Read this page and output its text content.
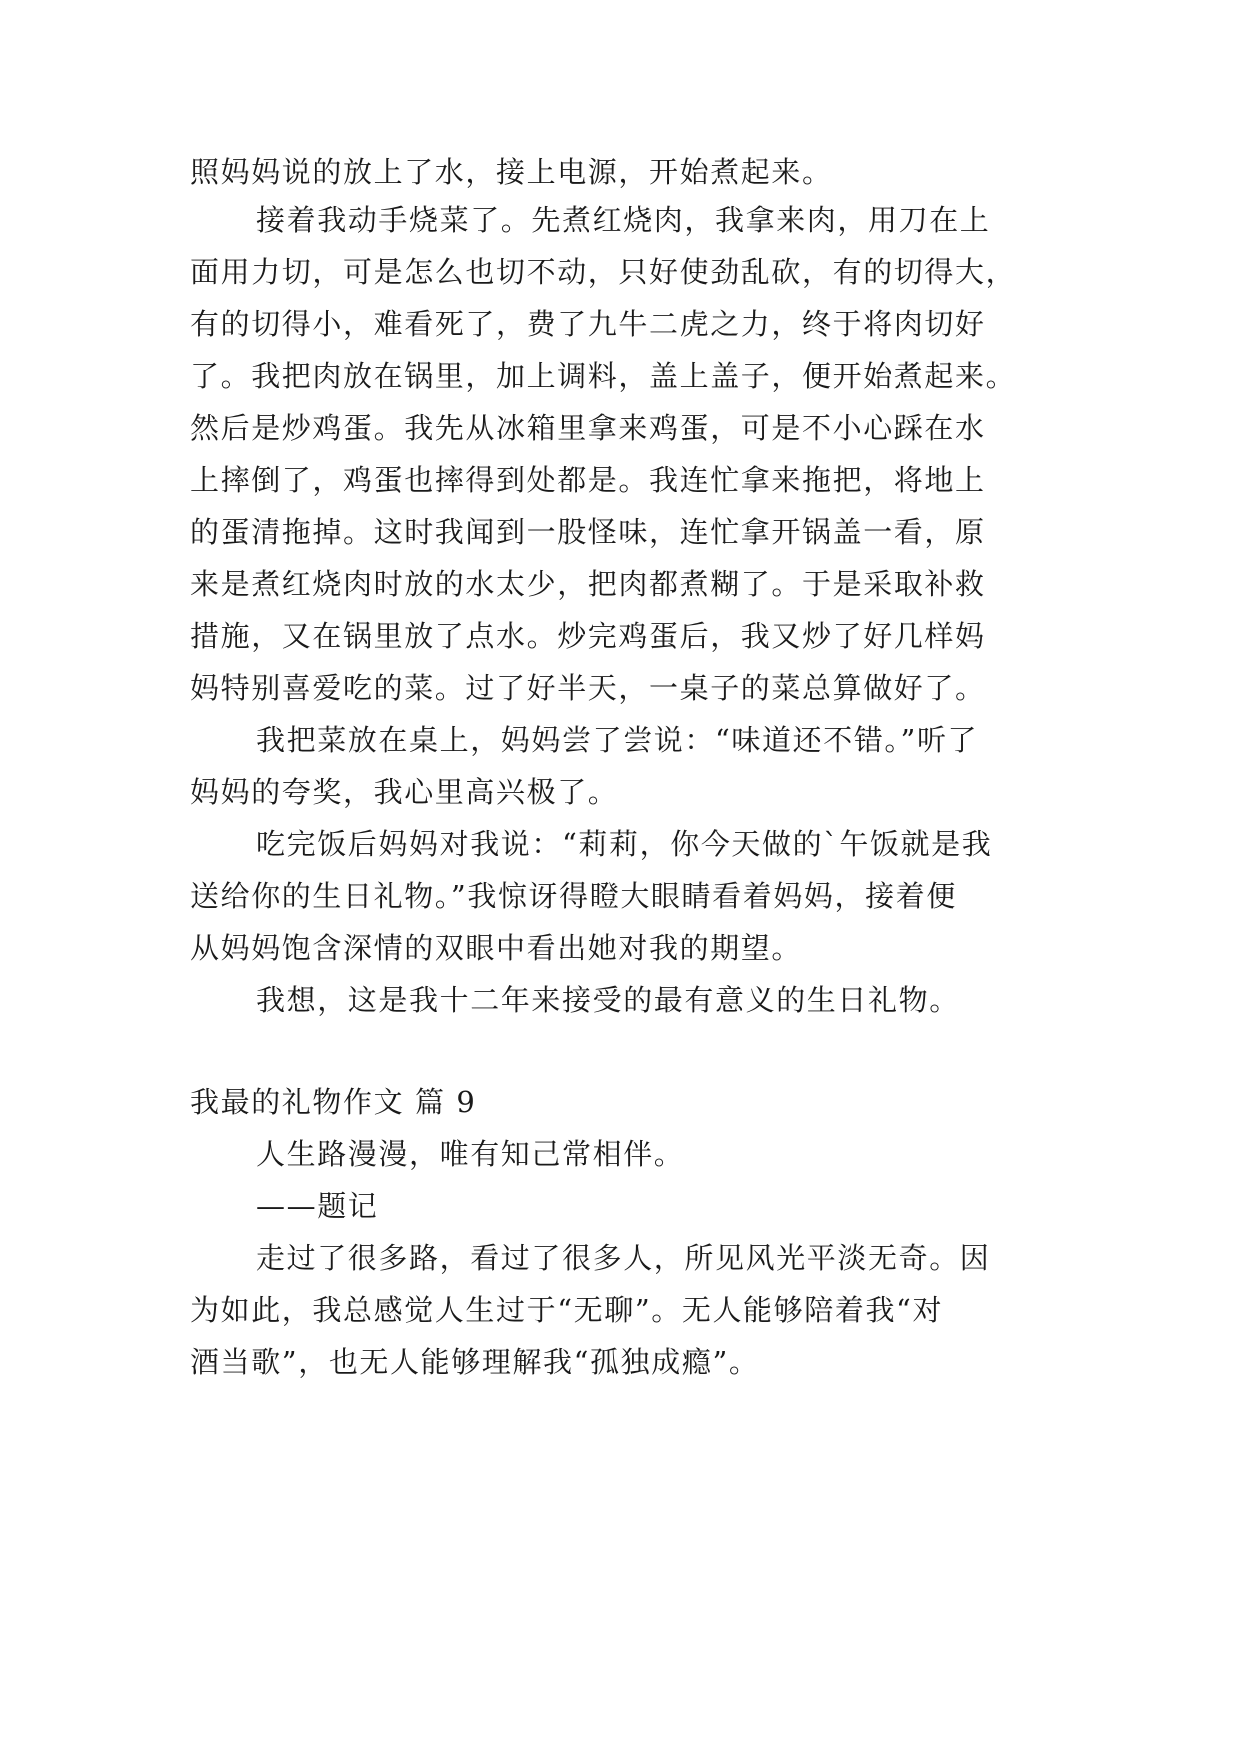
照妈妈说的放上了水，接上电源，开始煮起来。
接着我动手烧菜了。先煮红烧肉，我拿来肉，用刀在上
面用力切，可是怎么也切不动，只好使劲乱砍，有的切得大，
有的切得小，难看死了，费了九牛二虎之力，终于将肉切好
了。我把肉放在锅里，加上调料，盖上盖子，便开始煮起来。
然后是炒鸡蛋。我先从冰箱里拿来鸡蛋，可是不小心踩在水
上摔倒了，鸡蛋也摔得到处都是。我连忙拿来拖把，将地上
的蛋清拖掉。这时我闻到一股怪味，连忙拿开锅盖一看，原
来是煮红烧肉时放的水太少，把肉都煮糊了。于是采取补救
措施，又在锅里放了点水。炒完鸡蛋后，我又炒了好几样妈
妈特别喜爱吃的菜。过了好半天，一桌子的菜总算做好了。
我把菜放在桌上，妈妈尝了尝说：“味道还不错。”听了
妈妈的夸奖，我心里高兴极了。
吃完饭后妈妈对我说：“莉莉，你今天做的`午饭就是我
送给你的生日礼物。”我惊讶得瞪大眼睛看着妈妈，接着便
从妈妈饱含深情的双眼中看出她对我的期望。
我想，这是我十二年来接受的最有意义的生日礼物。
我最的礼物作文 篇 9
人生路漫漫，唯有知己常相伴。
——题记
走过了很多路，看过了很多人，所见风光平淡无奇。因
为如此，我总感觉人生过于“无聊”。无人能够陪着我“对
酒当歌”，也无人能够理解我“孤独成瘾”。
